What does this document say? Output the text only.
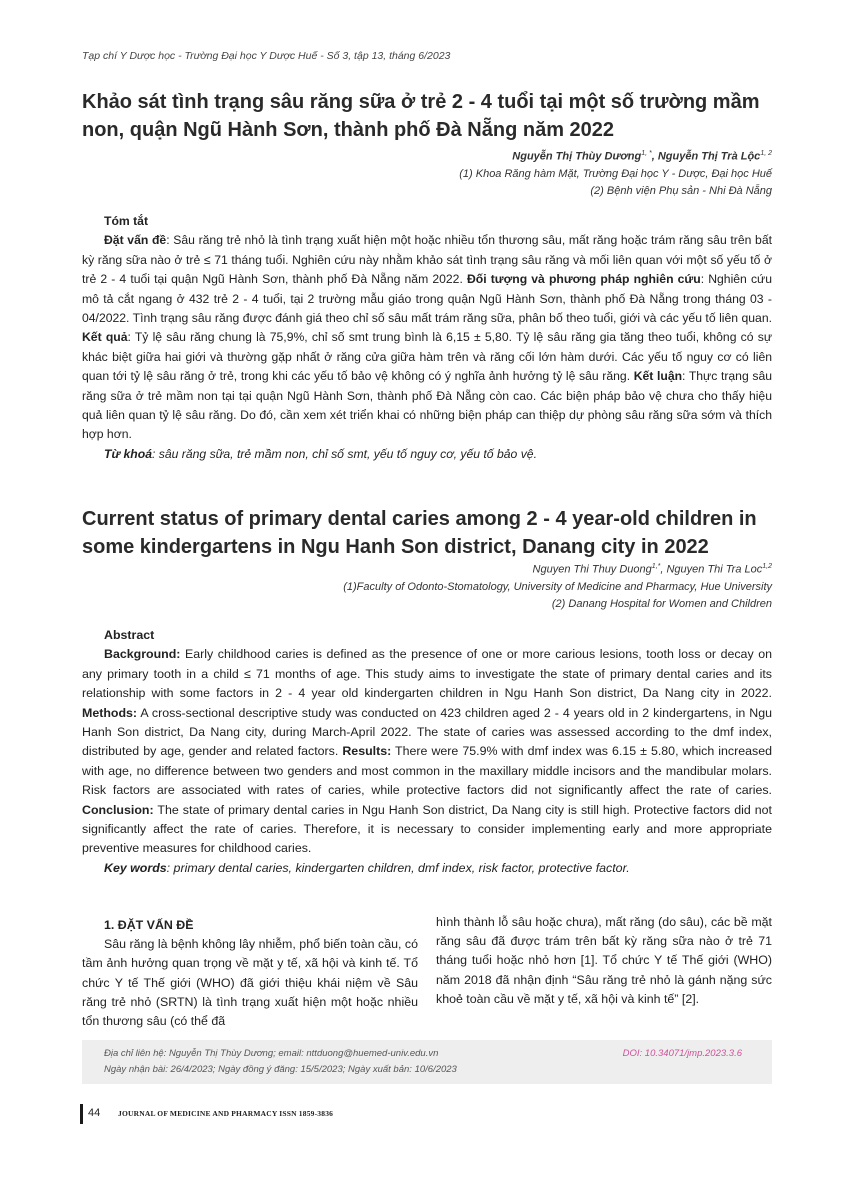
Tạp chí Y Dược học - Trường Đại học Y Dược Huế - Số 3, tập 13, tháng 6/2023
Khảo sát tình trạng sâu răng sữa ở trẻ 2 - 4 tuổi tại một số trường mầm non, quận Ngũ Hành Sơn, thành phố Đà Nẵng năm 2022
Nguyễn Thị Thùy Dương$^{1, *}$, Nguyễn Thị Trà Lộc$^{1, 2}$
(1) Khoa Răng hàm Mặt, Trường Đại học Y - Dược, Đại học Huế
(2) Bệnh viện Phụ sản - Nhi Đà Nẵng
Tóm tắt

Đặt vấn đề: Sâu răng trẻ nhỏ là tình trạng xuất hiện một hoặc nhiều tổn thương sâu, mất răng hoặc trám răng sâu trên bất kỳ răng sữa nào ở trẻ ≤ 71 tháng tuổi. Nghiên cứu này nhằm khảo sát tình trạng sâu răng và mối liên quan với một số yếu tố ở trẻ 2 - 4 tuổi tại quận Ngũ Hành Sơn, thành phố Đà Nẵng năm 2022. Đối tượng và phương pháp nghiên cứu: Nghiên cứu mô tả cắt ngang ở 432 trẻ 2 - 4 tuổi, tại 2 trường mẫu giáo trong quận Ngũ Hành Sơn, thành phố Đà Nẵng trong tháng 03 - 04/2022. Tình trạng sâu răng được đánh giá theo chỉ số sâu mất trám răng sữa, phân bố theo tuổi, giới và các yếu tố liên quan. Kết quả: Tỷ lệ sâu răng chung là 75,9%, chỉ số smt trung bình là 6,15 ± 5,80. Tỷ lệ sâu răng gia tăng theo tuổi, không có sự khác biệt giữa hai giới và thường gặp nhất ở răng cửa giữa hàm trên và răng cối lớn hàm dưới. Các yếu tố nguy cơ có liên quan tới tỷ lệ sâu răng ở trẻ, trong khi các yếu tố bảo vệ không có ý nghĩa ảnh hưởng tỷ lệ sâu răng. Kết luận: Thực trạng sâu răng sữa ở trẻ mầm non tại tại quận Ngũ Hành Sơn, thành phố Đà Nẵng còn cao. Các biện pháp bảo vệ chưa cho thấy hiệu quả liên quan tỷ lệ sâu răng. Do đó, cần xem xét triển khai có những biện pháp can thiệp dự phòng sâu răng sữa sớm và thích hợp hơn.

Từ khoá: sâu răng sữa, trẻ mầm non, chỉ số smt, yếu tố nguy cơ, yếu tố bảo vệ.

Current status of primary dental caries among 2 - 4 year-old children in some kindergartens in Ngu Hanh Son district, Danang city in 2022
Nguyen Thi Thuy Duong$^{1,*}$, Nguyen Thi Tra Loc$^{1,2}$
(1)Faculty of Odonto-Stomatology, University of Medicine and Pharmacy, Hue University
(2) Danang Hospital for Women and Children
Abstract

Background: Early childhood caries is defined as the presence of one or more carious lesions, tooth loss or decay on any primary tooth in a child ≤ 71 months of age. This study aims to investigate the state of primary dental caries and its relationship with some factors in 2 - 4 year old kindergarten children in Ngu Hanh Son district, Da Nang city in 2022. Methods: A cross-sectional descriptive study was conducted on 423 children aged 2 - 4 years old in 2 kindergartens, in Ngu Hanh Son district, Da Nang city, during March-April 2022. The state of caries was assessed according to the dmf index, distributed by age, gender and related factors. Results: There were 75.9% with dmf index was 6.15 ± 5.80, which increased with age, no difference between two genders and most common in the maxillary middle incisors and the mandibular molars. Risk factors are associated with rates of caries, while protective factors did not significantly affect the rate of caries. Conclusion: The state of primary dental caries in Ngu Hanh Son district, Da Nang city is still high. Protective factors did not significantly affect the rate of caries. Therefore, it is necessary to consider implementing early and more appropriate preventive measures for childhood caries.

Key words: primary dental caries, kindergarten children, dmf index, risk factor, protective factor.

1. ĐẶT VẤN ĐỀ

Sâu răng là bệnh không lây nhiễm, phổ biến toàn cầu, có tầm ảnh hưởng quan trọng về mặt y tế, xã hội và kinh tế. Tổ chức Y tế Thế giới (WHO) đã giới thiệu khái niệm về Sâu răng trẻ nhỏ (SRTN) là tình trạng xuất hiện một hoặc nhiều tổn thương sâu (có thể đã

hình thành lỗ sâu hoặc chưa), mất răng (do sâu), các bề mặt răng sâu đã được trám trên bất kỳ răng sữa nào ở trẻ 71 tháng tuổi hoặc nhỏ hơn [1]. Tổ chức Y tế Thế giới (WHO) năm 2018 đã nhận định “Sâu răng trẻ nhỏ là gánh nặng sức khoẻ toàn cầu về mặt y tế, xã hội và kinh tế” [2].

Địa chỉ liên hệ: Nguyễn Thị Thùy Dương; email: nttduong@huemed-univ.edu.vn	DOI: 10.34071/jmp.2023.3.6
Ngày nhận bài: 26/4/2023; Ngày đồng ý đăng: 15/5/2023; Ngày xuất bản: 10/6/2023
44 JOURNAL OF MEDICINE AND PHARMACY ISSN 1859-3836
